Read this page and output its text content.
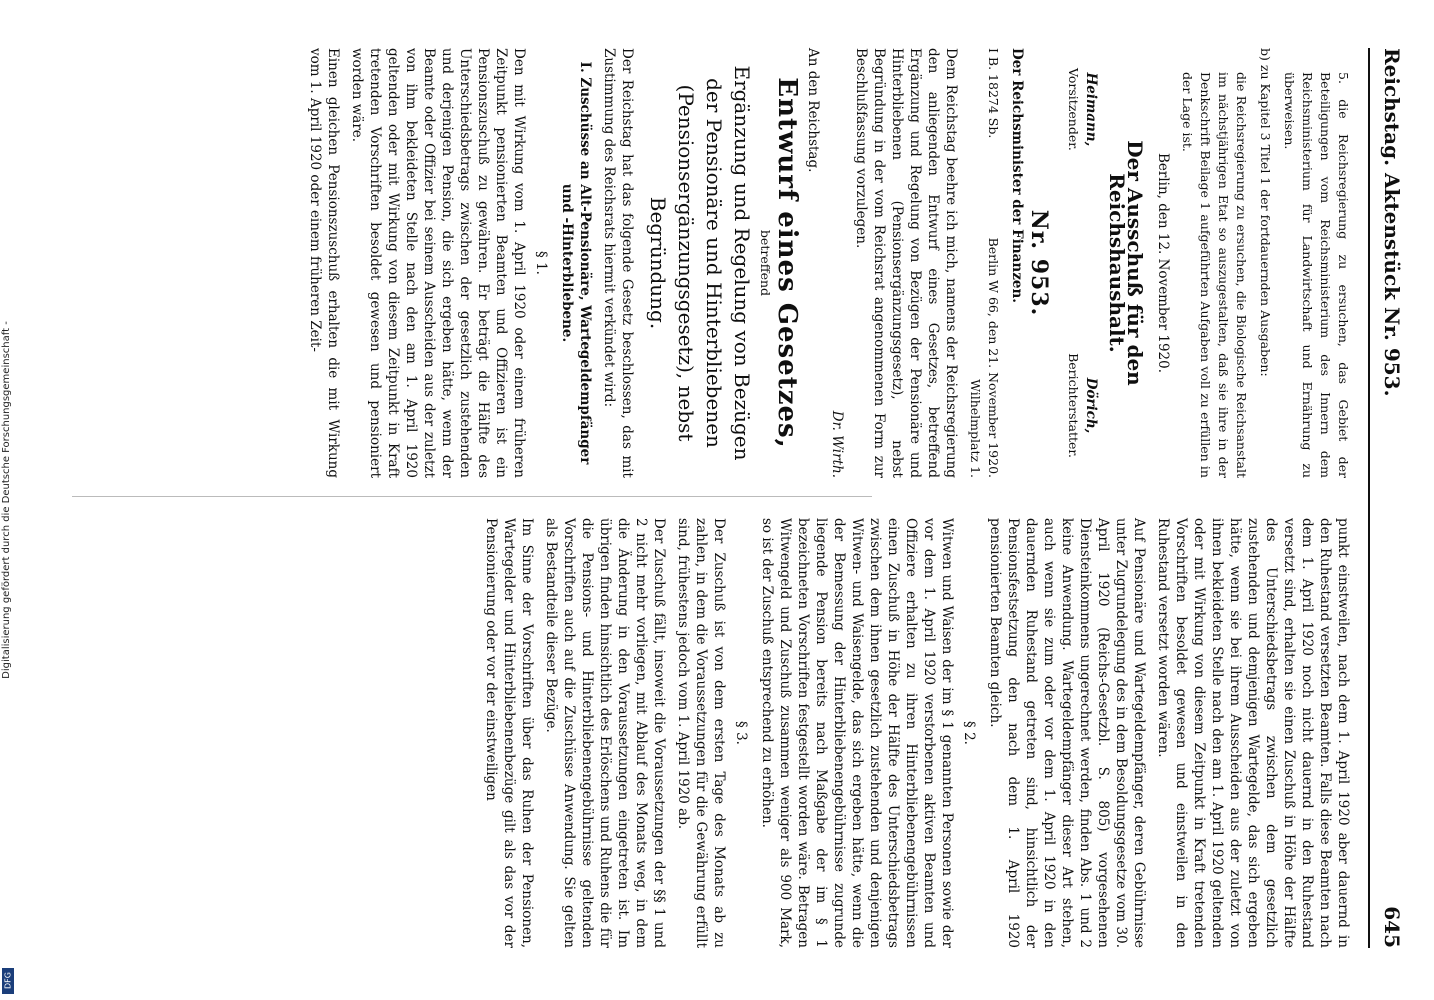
Reichstag. Aktenstück Nr. 953.
645

5. die Reichsregierung zu ersuchen, das Gebiet der Beteiligungen vom Reichsministerium des Innern dem Reichsministerium für Landwirtschaft und Ernährung zu überweisen.

b) zu Kapitel 3 Titel 1 der fortdauernden Ausgaben:

die Reichsregierung zu ersuchen, die Biologische Reichsanstalt im nächstjährigen Etat so auszugestalten, daß sie ihre in der Denkschrift Beilage 1 aufgeführten Aufgaben voll zu erfüllen in der Lage ist.

Berlin, den 12. November 1920.

Der Ausschuß für den Reichshaushalt.
Heimann,
Vorsitzender.
Dörich,
Berichterstatter.
Nr. 953.

Der Reichsminister der Finanzen.

I B. 18274 Sb.
Berlin W 66, den 21. November 1920.

Wilhelmplatz 1.

Dem Reichstag beehre ich mich, namens der Reichsregierung den anliegenden Entwurf eines Gesetzes, betreffend Ergänzung und Regelung von Bezügen der Pensionäre und Hinterbliebenen (Pensionsergänzungsgesetz), nebst Begründung in der vom Reichsrat angenommenen Form zur Beschlußfassung vorzulegen.

Dr. Wirth.

An den Reichstag.

Entwurf eines Gesetzes,
betreffend
Ergänzung und Regelung von Bezügen der Pensionäre und Hinterbliebenen (Pensionsergänzungsgesetz), nebst Begründung.

Der Reichstag hat das folgende Gesetz beschlossen, das mit Zustimmung des Reichsrats hiermit verkündet wird:

I. Zuschüsse an Alt-Pensionäre, Wartegeldempfänger und -Hinterbliebene.
§ 1.

Den mit Wirkung vom 1. April 1920 oder einem früheren Zeitpunkt pensionierten Beamten und Offizieren ist ein Pensionszuschuß zu gewähren. Er beträgt die Hälfte des Unterschiedsbetrags zwischen der gesetzlich zustehenden und derjenigen Pension, die sich ergeben hätte, wenn der Beamte oder Offizier bei seinem Ausscheiden aus der zuletzt von ihm bekleideten Stelle nach den am 1. April 1920 geltenden oder mit Wirkung von diesem Zeitpunkt in Kraft tretenden Vorschriften besoldet gewesen und pensioniert worden wäre.

Einen gleichen Pensionszuschuß erhalten die mit Wirkung vom 1. April 1920 oder einem früheren Zeit-

punkt einstweilen, nach dem 1. April 1920 aber dauernd in den Ruhestand versetzten Beamten. Falls diese Beamten nach dem 1. April 1920 noch nicht dauernd in den Ruhestand versetzt sind, erhalten sie einen Zuschuß in Höhe der Hälfte des Unterschiedsbetrags zwischen dem gesetzlich zustehenden und demjenigen Wartegelde, das sich ergeben hätte, wenn sie bei ihrem Ausscheiden aus der zuletzt von ihnen bekleideten Stelle nach den am 1. April 1920 geltenden oder mit Wirkung von diesem Zeitpunkt in Kraft tretenden Vorschriften besoldet gewesen und einstweilen in den Ruhestand versetzt worden wären.

Auf Pensionäre und Wartegeldempfänger, deren Gebührnisse unter Zugrundelegung des in dem Besoldungsgesetze vom 30. April 1920 (Reichs-Gesetzbl. S. 805) vorgesehenen Diensteinkommens ungerechnet werden, finden Abs. 1 und 2 keine Anwendung. Wartegeldempfänger dieser Art stehen, auch wenn sie zum oder vor dem 1. April 1920 in den dauernden Ruhestand getreten sind, hinsichtlich der Pensionsfestsetzung den nach dem 1. April 1920 pensionierten Beamten gleich.

§ 2.

Witwen und Waisen der im § 1 genannten Personen sowie der vor dem 1. April 1920 verstorbenen aktiven Beamten und Offiziere erhalten zu ihren Hinterbliebenengebührnissen einen Zuschuß in Höhe der Hälfte des Unterschiedsbetrags zwischen dem ihnen gesetzlich zustehenden und denjenigen Witwen- und Waisengelde, das sich ergeben hätte, wenn die der Bemessung der Hinterbliebenengebührnisse zugrunde liegende Pension bereits nach Maßgabe der im § 1 bezeichneten Vorschriften festgestellt worden wäre. Betragen Witwengeld und Zuschuß zusammen weniger als 900 Mark, so ist der Zuschuß entsprechend zu erhöhen.

§ 3.

Der Zuschuß ist von dem ersten Tage des Monats ab zu zahlen, in dem die Voraussetzungen für die Gewährung erfüllt sind, frühestens jedoch vom 1. April 1920 ab.

Der Zuschuß fällt, insoweit die Voraussetzungen der §§ 1 und 2 nicht mehr vorliegen, mit Ablauf des Monats weg, in dem die Änderung in den Voraussetzungen eingetreten ist. Im übrigen finden hinsichtlich des Erlöschens und Ruhens die für die Pensions- und Hinterbliebenengebührnisse geltenden Vorschriften auch auf die Zuschüsse Anwendung. Sie gelten als Bestandteile dieser Bezüge.

Im Sinne der Vorschriften über das Ruhen der Pensionen, Wartegelder und Hinterbliebenenbezüge gilt als das vor der Pensionierung oder vor der einstweiligen

Digitalisierung gefördert durch die Deutsche Forschungsgemeinschaft -
DFG
